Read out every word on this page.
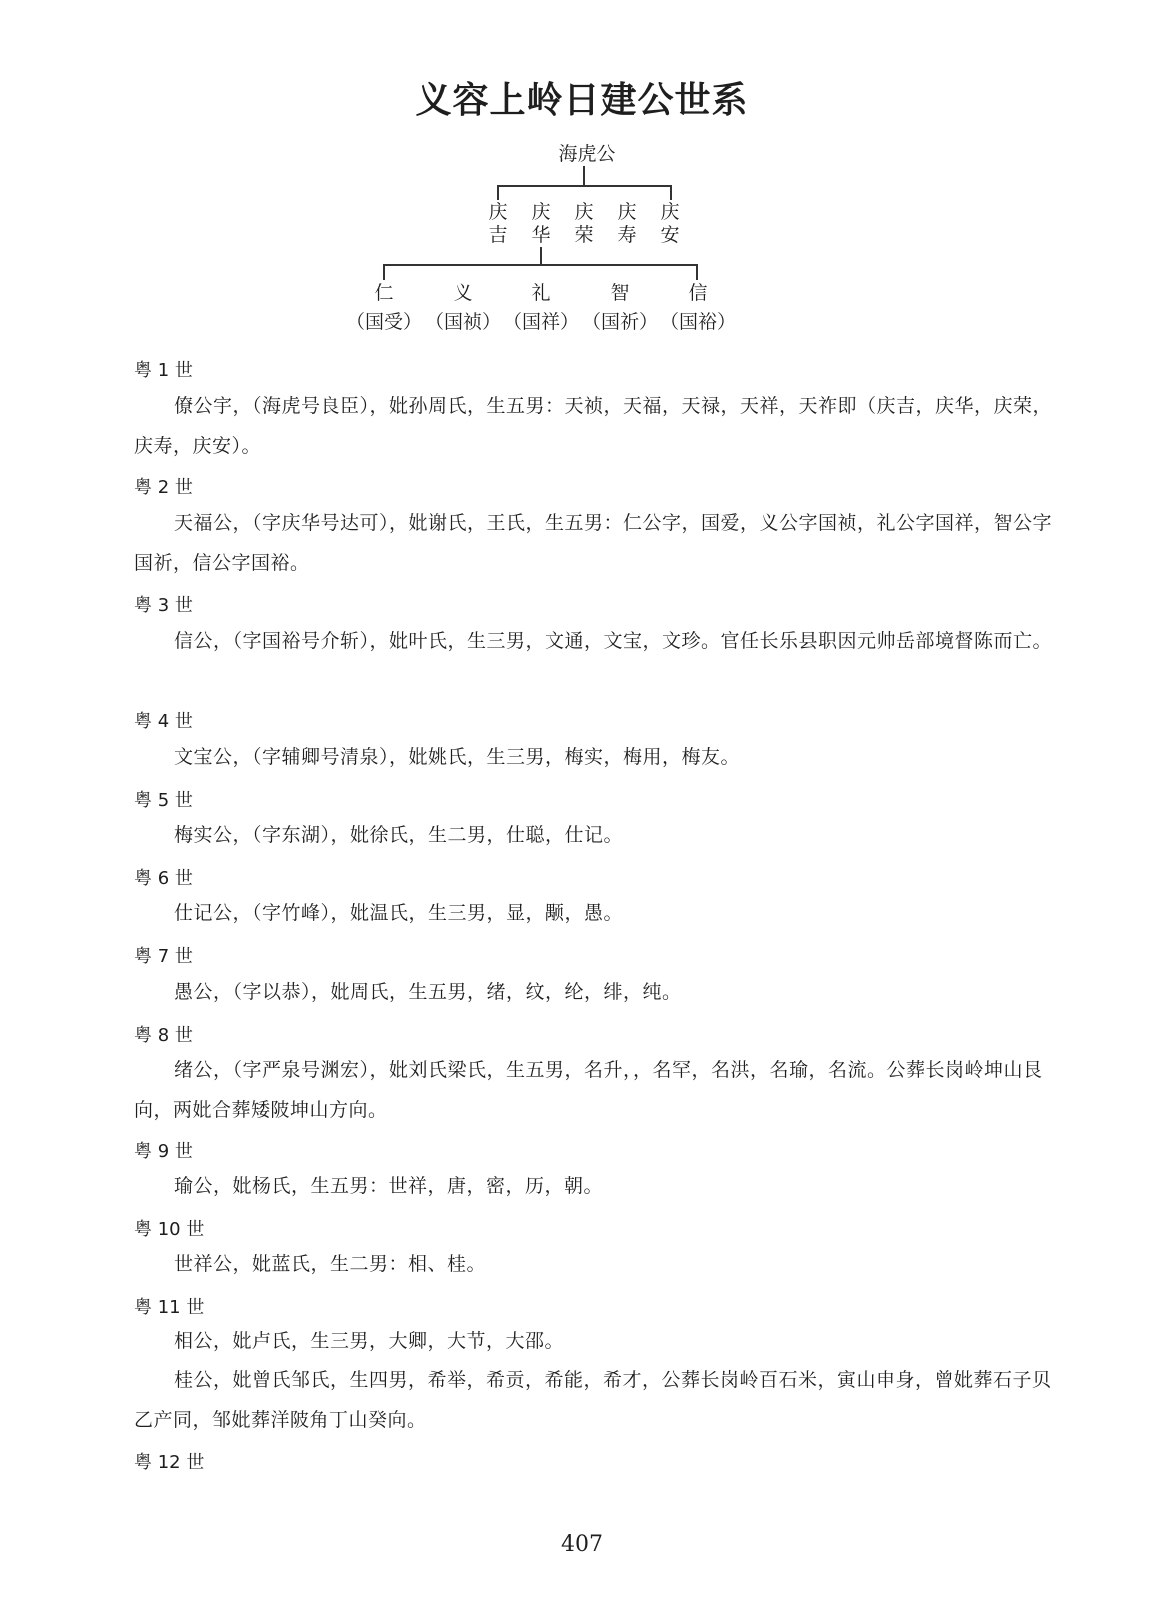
义容上岭日建公世系
海虎公
庆
吉
庆
华
庆
荣
庆
寿
庆
安
仁
（国受）
义
（国祯）
礼
（国祥）
智
（国祈）
信
（国裕）
粤 1 世
僚公宇，（海虎号良臣），妣孙周氏，生五男：天祯，天福，天禄，天祥，天祚即（庆吉，庆华，庆荣，庆寿，庆安）。
粤 2 世
天福公，（字庆华号达可），妣谢氏，王氏，生五男：仁公字，国爱，义公字国祯，礼公字国祥，智公字国祈，信公字国裕。
粤 3 世
信公，（字国裕号介斩），妣叶氏，生三男，文通，文宝，文珍。官任长乐县职因元帅岳部境督陈而亡。
粤 4 世
文宝公，（字辅卿号清泉），妣姚氏，生三男，梅实，梅用，梅友。
粤 5 世
梅实公，（字东湖），妣徐氏，生二男，仕聪，仕记。
粤 6 世
仕记公，（字竹峰），妣温氏，生三男，显，颙，愚。
粤 7 世
愚公，（字以恭），妣周氏，生五男，绪，纹，纶，绯，纯。
粤 8 世
绪公，（字严泉号渊宏），妣刘氏梁氏，生五男，名升，，名罕，名洪，名瑜，名流。公葬长岗岭坤山艮向，两妣合葬矮陂坤山方向。
粤 9 世
瑜公，妣杨氏，生五男：世祥，唐，密，历，朝。
粤 10 世
世祥公，妣蓝氏，生二男：相、桂。
粤 11 世
相公，妣卢氏，生三男，大卿，大节，大邵。
桂公，妣曾氏邹氏，生四男，希举，希贡，希能，希才，公葬长岗岭百石米，寅山申身，曾妣葬石子贝乙产同，邹妣葬洋陂角丁山癸向。
粤 12 世
407
